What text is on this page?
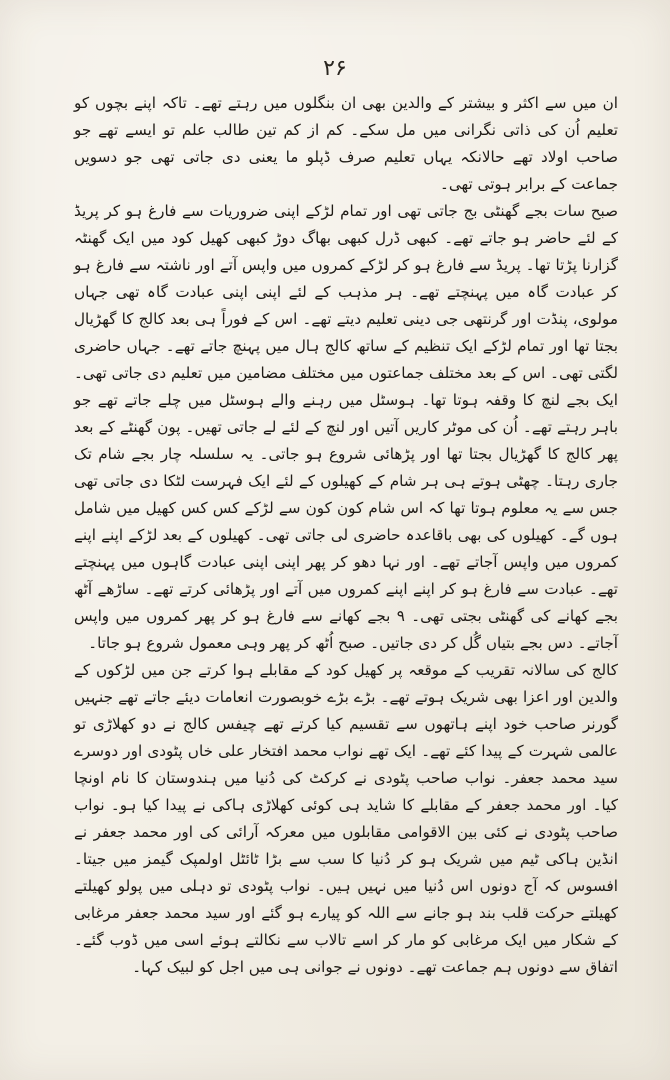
۲۶

ان میں سے اکثر و بیشتر کے والدین بھی ان بنگلوں میں رہتے تھے۔ تاکہ اپنے بچوں کو تعلیم اُن کی ذاتی نگرانی میں مل سکے۔ کم از کم تین طالب علم تو ایسے تھے جو صاحب اولاد تھے حالانکہ یہاں تعلیم صرف ڈپلو ما یعنی دی جاتی تھی جو دسویں جماعت کے برابر ہوتی تھی۔

صبح سات بجے گھنٹی بج جاتی تھی اور تمام لڑکے اپنی ضروریات سے فارغ ہو کر پریڈ کے لئے حاضر ہو جاتے تھے۔ کبھی ڈرل کبھی بھاگ دوڑ کبھی کھیل کود میں ایک گھنٹہ گزارنا پڑتا تھا۔ پریڈ سے فارغ ہو کر لڑکے کمروں میں واپس آتے اور ناشتہ سے فارغ ہو کر عبادت گاہ میں پہنچتے تھے۔ ہر مذہب کے لئے اپنی اپنی عبادت گاہ تھی جہاں مولوی، پنڈت اور گرنتھی جی دینی تعلیم دیتے تھے۔ اس کے فوراً ہی بعد کالج کا گھڑیال بجتا تھا اور تمام لڑکے ایک تنظیم کے ساتھ کالج ہال میں پہنچ جاتے تھے۔ جہاں حاضری لگتی تھی۔ اس کے بعد مختلف جماعتوں میں مختلف مضامین میں تعلیم دی جاتی تھی۔ ایک بجے لنچ کا وقفہ ہوتا تھا۔ ہوسٹل میں رہنے والے ہوسٹل میں چلے جاتے تھے جو باہر رہتے تھے۔ اُن کی موٹر کاریں آتیں اور لنچ کے لئے لے جاتی تھیں۔ پون گھنٹے کے بعد پھر کالج کا گھڑیال بجتا تھا اور پڑھائی شروع ہو جاتی۔ یہ سلسلہ چار بجے شام تک جاری رہتا۔ چھٹی ہوتے ہی ہر شام کے کھیلوں کے لئے ایک فہرست لٹکا دی جاتی تھی جس سے یہ معلوم ہوتا تھا کہ اس شام کون کون سے لڑکے کس کس کھیل میں شامل ہوں گے۔ کھیلوں کی بھی باقاعدہ حاضری لی جاتی تھی۔ کھیلوں کے بعد لڑکے اپنے اپنے کمروں میں واپس آجاتے تھے۔ اور نہا دھو کر پھر اپنی اپنی عبادت گاہوں میں پہنچتے تھے۔ عبادت سے فارغ ہو کر اپنے اپنے کمروں میں آتے اور پڑھائی کرتے تھے۔ ساڑھے آٹھ بجے کھانے کی گھنٹی بجتی تھی۔ ۹ بجے کھانے سے فارغ ہو کر پھر کمروں میں واپس آجاتے۔ دس بجے بتیاں گُل کر دی جاتیں۔ صبح اُٹھ کر پھر وہی معمول شروع ہو جاتا۔

کالج کی سالانہ تقریب کے موقعہ پر کھیل کود کے مقابلے ہوا کرتے جن میں لڑکوں کے والدین اور اعزا بھی شریک ہوتے تھے۔ بڑے بڑے خوبصورت انعامات دیئے جاتے تھے جنہیں گورنر صاحب خود اپنے ہاتھوں سے تقسیم کیا کرتے تھے چیفس کالج نے دو کھلاڑی تو عالمی شہرت کے پیدا کئے تھے۔ ایک تھے نواب محمد افتخار علی خاں پٹودی اور دوسرے سید محمد جعفر۔ نواب صاحب پٹودی نے کرکٹ کی دُنیا میں ہندوستان کا نام اونچا کیا۔ اور محمد جعفر کے مقابلے کا شاید ہی کوئی کھلاڑی ہاکی نے پیدا کیا ہو۔ نواب صاحب پٹودی نے کئی بین الاقوامی مقابلوں میں معرکہ آرائی کی اور محمد جعفر نے انڈین ہاکی ٹیم میں شریک ہو کر دُنیا کا سب سے بڑا ٹائٹل اولمپک گیمز میں جیتا۔ افسوس کہ آج دونوں اس دُنیا میں نہیں ہیں۔ نواب پٹودی تو دہلی میں پولو کھیلتے کھیلتے حرکت قلب بند ہو جانے سے اللہ کو پیارے ہو گئے اور سید محمد جعفر مرغابی کے شکار میں ایک مرغابی کو مار کر اسے تالاب سے نکالتے ہوئے اسی میں ڈوب گئے۔ اتفاق سے دونوں ہم جماعت تھے۔ دونوں نے جوانی ہی میں اجل کو لبیک کہا۔
